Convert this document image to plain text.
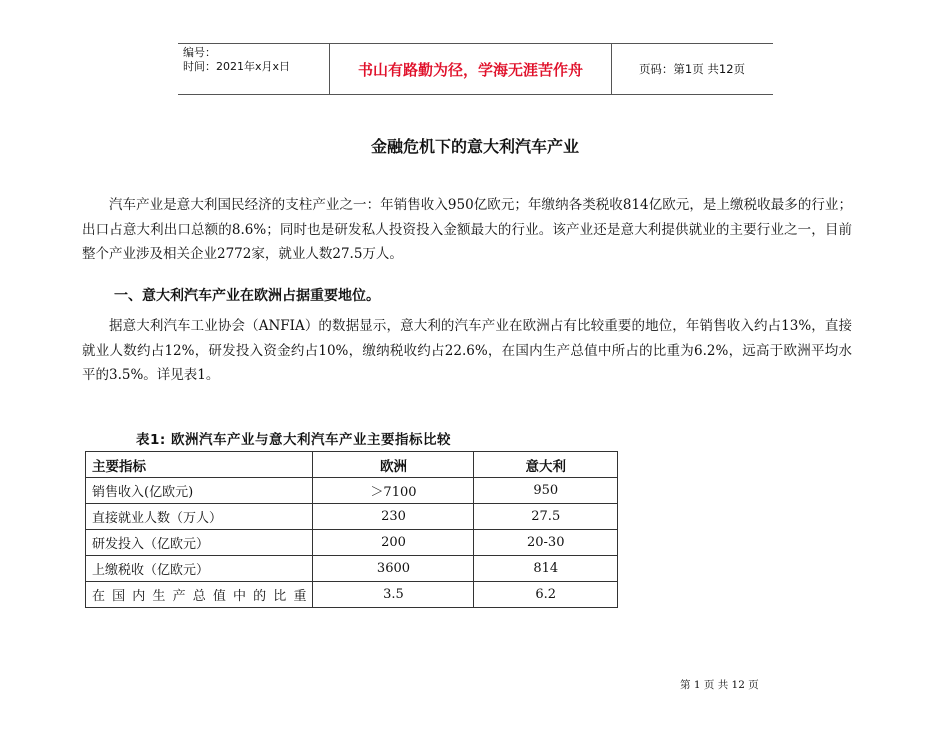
编号：
时间：2021年x月x日	书山有路勤为径，学海无涯苦作舟	页码：第1页 共12页
金融危机下的意大利汽车产业

汽车产业是意大利国民经济的支柱产业之一：年销售收入950亿欧元；年缴纳各类税收814亿欧元，是上缴税收最多的行业；出口占意大利出口总额的8.6%；同时也是研发私人投资投入金额最大的行业。该产业还是意大利提供就业的主要行业之一，目前整个产业涉及相关企业2772家，就业人数27.5万人。

一、意大利汽车产业在欧洲占据重要地位。

据意大利汽车工业协会（ANFIA）的数据显示，意大利的汽车产业在欧洲占有比较重要的地位，年销售收入约占13%，直接就业人数约占12%，研发投入资金约占10%，缴纳税收约占22.6%，在国内生产总值中所占的比重为6.2%，远高于欧洲平均水平的3.5%。详见表1。

表1: 欧洲汽车产业与意大利汽车产业主要指标比较
主要指标	欧洲	意大利
销售收入(亿欧元)	＞7100	950
直接就业人数（万人）	230	27.5
研发投入（亿欧元）	200	20-30
上缴税收（亿欧元）	3600	814
在国内生产总值中的比重	3.5	6.2
第 1 页 共 12 页
